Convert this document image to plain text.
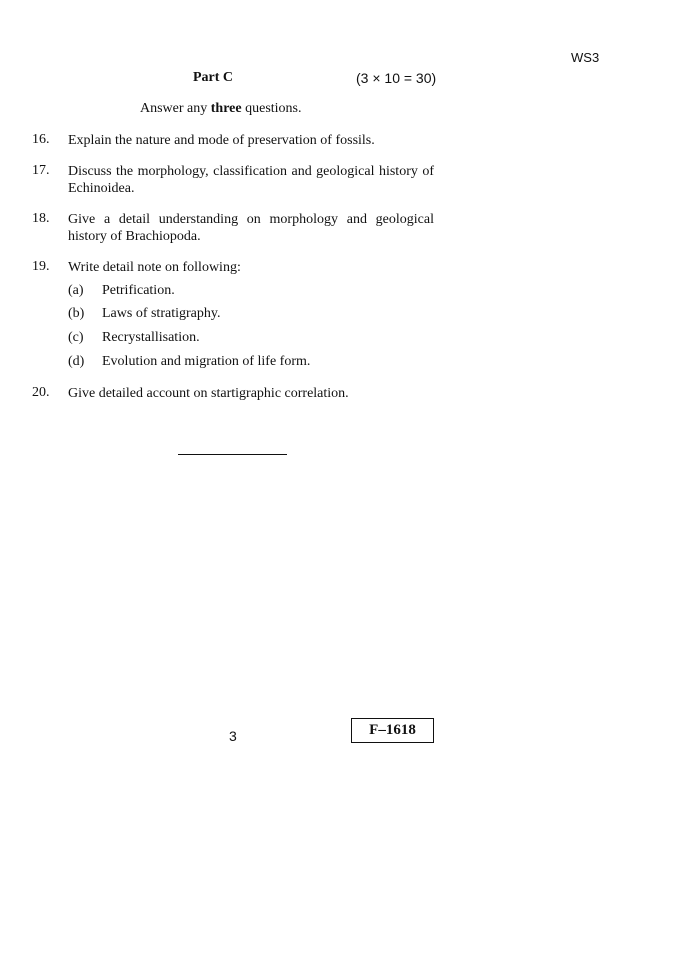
WS3
Part C	(3 × 10 = 30)
Answer any three questions.
16. Explain the nature and mode of preservation of fossils.
17. Discuss the morphology, classification and geological history of Echinoidea.
18. Give a detail understanding on morphology and geological history of Brachiopoda.
19. Write detail note on following:
(a) Petrification.
(b) Laws of stratigraphy.
(c) Recrystallisation.
(d) Evolution and migration of life form.
20. Give detailed account on startigraphic correlation.
3	F–1618
